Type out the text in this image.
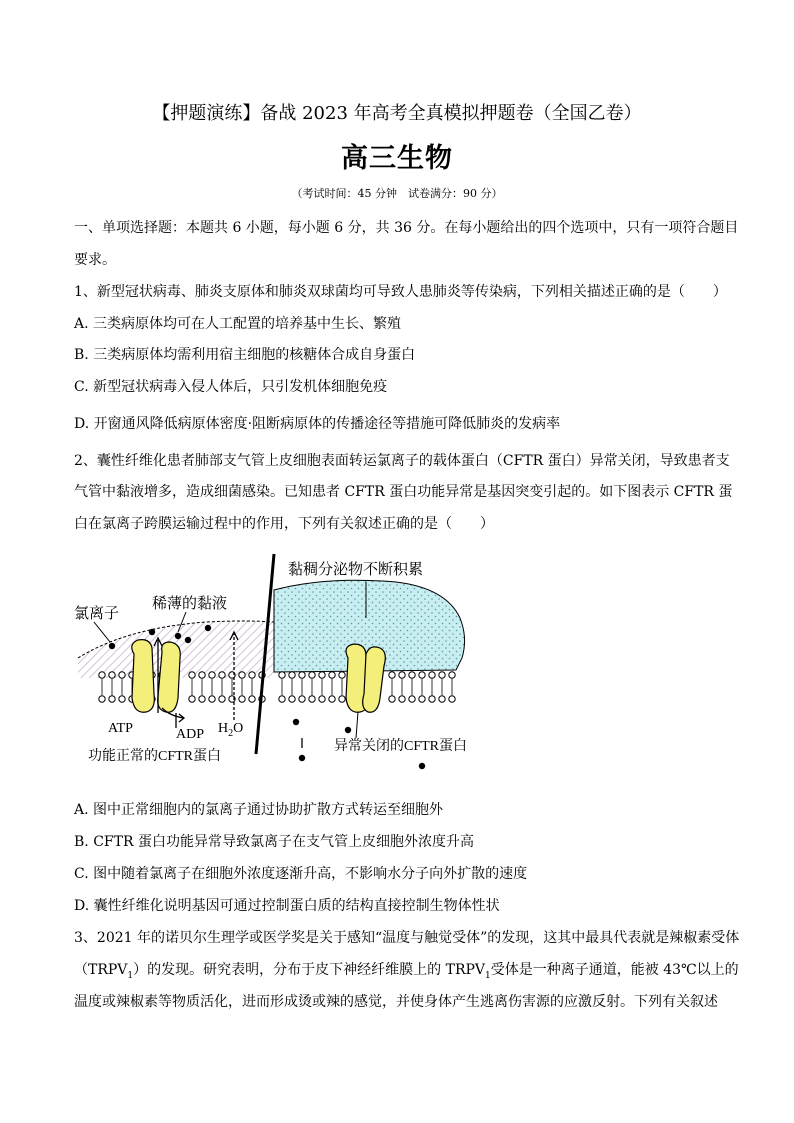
【押题演练】备战 2023 年高考全真模拟押题卷（全国乙卷）
高三生物
（考试时间：45 分钟　试卷满分：90 分）
一、单项选择题：本题共 6 小题，每小题 6 分，共 36 分。在每小题给出的四个选项中，只有一项符合题目
要求。
1、新型冠状病毒、肺炎支原体和肺炎双球菌均可导致人患肺炎等传染病，下列相关描述正确的是（　　）
A. 三类病原体均可在人工配置的培养基中生长、繁殖
B. 三类病原体均需利用宿主细胞的核糖体合成自身蛋白
C. 新型冠状病毒入侵人体后，只引发机体细胞免疫
D. 开窗通风降低病原体密度·阻断病原体的传播途径等措施可降低肺炎的发病率
2、囊性纤维化患者肺部支气管上皮细胞表面转运氯离子的载体蛋白（CFTR 蛋白）异常关闭，导致患者支
气管中黏液增多，造成细菌感染。已知患者 CFTR 蛋白功能异常是基因突变引起的。如下图表示 CFTR 蛋
白在氯离子跨膜运输过程中的作用，下列有关叙述正确的是（　　）
黏稠分泌物不断积累
稀薄的黏液
氯离子
ATP	ADP $H_2O$
功能正常的CFTR蛋白
异常关闭的CFTR蛋白
A. 图中正常细胞内的氯离子通过协助扩散方式转运至细胞外
B. CFTR 蛋白功能异常导致氯离子在支气管上皮细胞外浓度升高
C. 图中随着氯离子在细胞外浓度逐渐升高，不影响水分子向外扩散的速度
D. 囊性纤维化说明基因可通过控制蛋白质的结构直接控制生物体性状
3、2021 年的诺贝尔生理学或医学奖是关于感知“温度与触觉受体”的发现，这其中最具代表就是辣椒素受体
$(TRPV_1)$的发现。研究表明，分布于皮下神经纤维膜上的 $TRPV_1$受体是一种离子通道，能被 43℃以上的
温度或辣椒素等物质活化，进而形成烫或辣的感觉，并使身体产生逃离伤害源的应激反射。下列有关叙述
